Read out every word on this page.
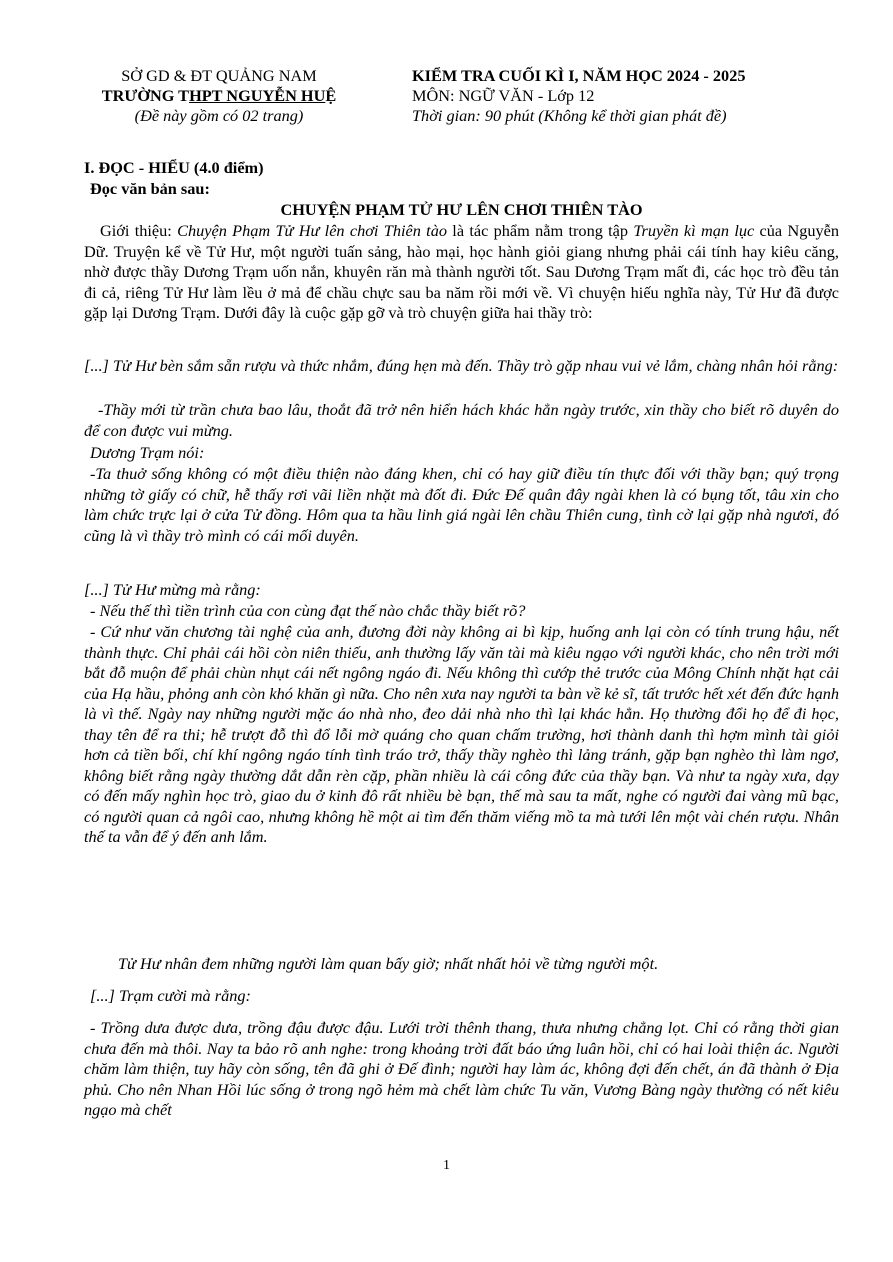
SỞ GD & ĐT QUẢNG NAM
TRƯỜNG THPT NGUYỄN HUỆ
(Đề này gồm có 02 trang)
KIỂM TRA CUỐI KÌ I, NĂM HỌC 2024 - 2025
MÔN: NGỮ VĂN - Lớp 12
Thời gian: 90 phút (Không kể thời gian phát đề)
I. ĐỌC - HIỂU (4.0 điểm)
Đọc văn bản sau:
CHUYỆN PHẠM TỬ HƯ LÊN CHƠI THIÊN TÀO

Giới thiệu: Chuyện Phạm Tử Hư lên chơi Thiên tào là tác phẩm nằm trong tập Truyền kì mạn lục của Nguyễn Dữ. Truyện kể về Tử Hư, một người tuấn sảng, hào mại, học hành giỏi giang nhưng phải cái tính hay kiêu căng, nhờ được thầy Dương Trạm uốn nắn, khuyên răn mà thành người tốt. Sau Dương Trạm mất đi, các học trò đều tản đi cả, riêng Tử Hư làm lều ở mả để chầu chực sau ba năm rồi mới về. Vì chuyện hiếu nghĩa này, Tử Hư đã được gặp lại Dương Trạm. Dưới đây là cuộc gặp gỡ và trò chuyện giữa hai thầy trò:

[...] Tử Hư bèn sắm sẵn rượu và thức nhắm, đúng hẹn mà đến. Thầy trò gặp nhau vui vẻ lắm, chàng nhân hỏi rằng:
-Thầy mới từ trần chưa bao lâu, thoắt đã trở nên hiển hách khác hẳn ngày trước, xin thầy cho biết rõ duyên do để con được vui mừng.
Dương Trạm nói:
-Ta thuở sống không có một điều thiện nào đáng khen, chỉ có hay giữ điều tín thực đối với thầy bạn; quý trọng những tờ giấy có chữ, hễ thấy rơi vãi liền nhặt mà đốt đi. Đức Đế quân đây ngài khen là có bụng tốt, tâu xin cho làm chức trực lại ở cửa Tử đồng. Hôm qua ta hầu linh giá ngài lên chầu Thiên cung, tình cờ lại gặp nhà ngươi, đó cũng là vì thầy trò mình có cái mối duyên.
[...] Tử Hư mừng mà rằng:
- Nếu thế thì tiền trình của con cùng đạt thế nào chắc thầy biết rõ?
- Cứ như văn chương tài nghệ của anh, đương đời này không ai bì kịp, huống anh lại còn có tính trung hậu, nết thành thực. Chỉ phải cái hồi còn niên thiếu, anh thường lấy văn tài mà kiêu ngạo với người khác, cho nên trời mới bắt đỗ muộn để phải chùn nhụt cái nết ngông ngáo đi. Nếu không thì cướp thẻ trước của Mông Chính nhặt hạt cải của Hạ hầu, phỏng anh còn khó khăn gì nữa. Cho nên xưa nay người ta bàn về kẻ sĩ, tất trước hết xét đến đức hạnh là vì thế. Ngày nay những người mặc áo nhà nho, đeo dải nhà nho thì lại khác hẳn. Họ thường đổi họ để đi học, thay tên để ra thi; hễ trượt đỗ thì đổ lỗi mờ quáng cho quan chấm trường, hơi thành danh thì hợm mình tài giỏi hơn cả tiền bối, chí khí ngông ngáo tính tình tráo trở, thấy thầy nghèo thì lảng tránh, gặp bạn nghèo thì làm ngơ, không biết rằng ngày thường dắt dẫn rèn cặp, phần nhiều là cái công đức của thầy bạn. Và như ta ngày xưa, dạy có đến mấy nghìn học trò, giao du ở kinh đô rất nhiều bè bạn, thế mà sau ta mất, nghe có người đai vàng mũ bạc, có người quan cả ngôi cao, nhưng không hề một ai tìm đến thăm viếng mồ ta mà tưới lên một vài chén rượu. Nhân thế ta vẫn để ý đến anh lắm.
Tử Hư nhân đem những người làm quan bấy giờ; nhất nhất hỏi về từng người một.
[...] Trạm cười mà rằng:
- Trồng dưa được dưa, trồng đậu được đậu. Lưới trời thênh thang, thưa nhưng chẳng lọt. Chỉ có rằng thời gian chưa đến mà thôi. Nay ta bảo rõ anh nghe: trong khoảng trời đất báo ứng luân hồi, chỉ có hai loài thiện ác. Người chăm làm thiện, tuy hãy còn sống, tên đã ghi ở Đế đình; người hay làm ác, không đợi đến chết, án đã thành ở Địa phủ. Cho nên Nhan Hồi lúc sống ở trong ngõ hẻm mà chết làm chức Tu văn, Vương Bàng ngày thường có nết kiêu ngạo mà chết
1
